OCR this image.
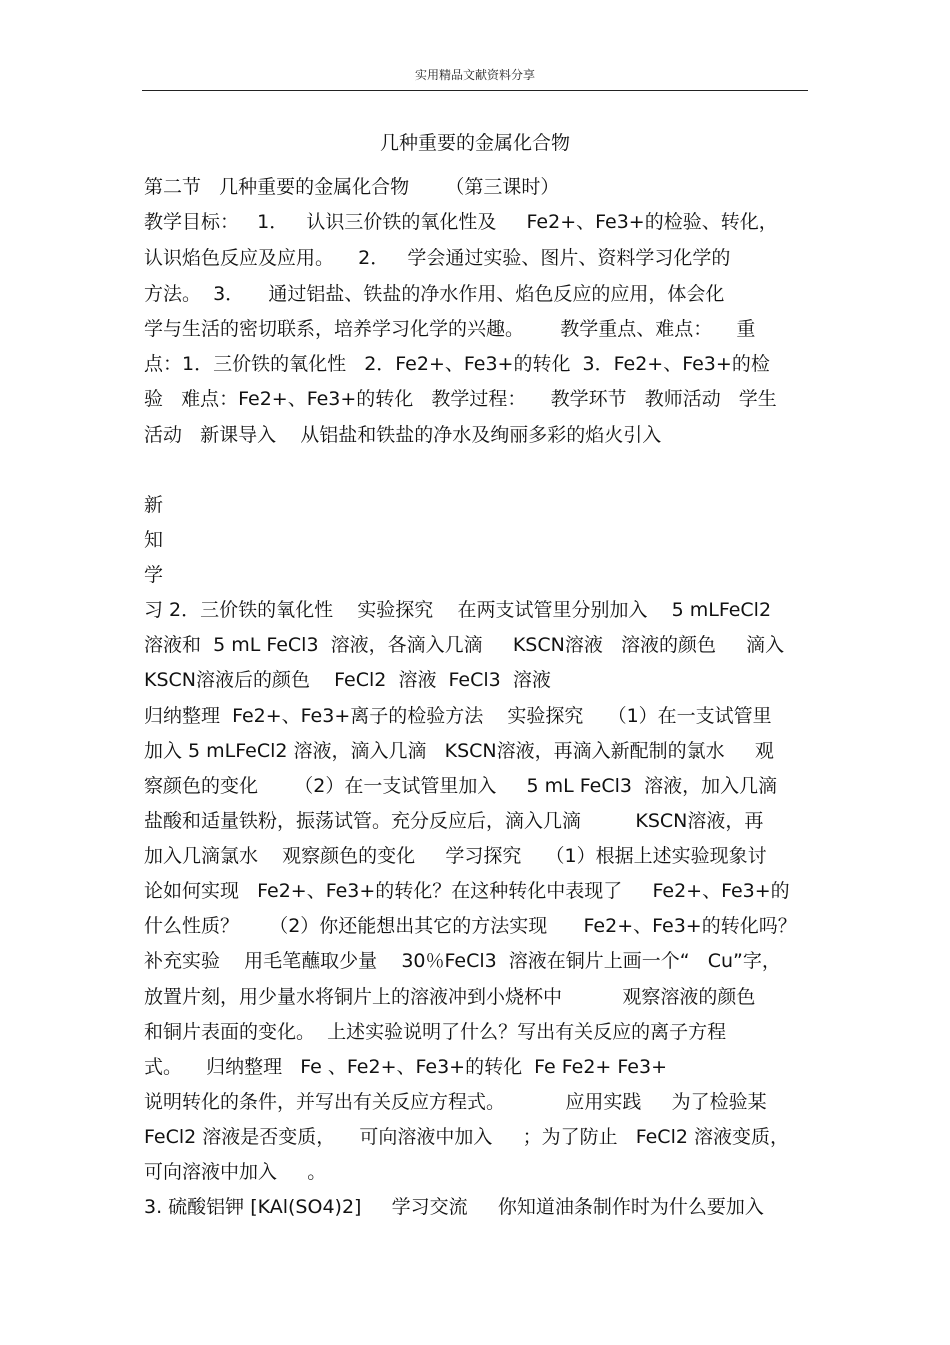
实用精品文献资料分享
几种重要的金属化合物
第二节   几种重要的金属化合物      （第三课时）
教学目标：   1．   认识三价铁的氧化性及     Fe2+、Fe3+的检验、转化，
认识焰色反应及应用。    2．   学会通过实验、图片、资料学习化学的
方法。  3．    通过铝盐、铁盐的净水作用、焰色反应的应用，体会化
学与生活的密切联系，培养学习化学的兴趣。      教学重点、难点：    重
点：1．三价铁的氧化性   2．Fe2+、Fe3+的转化  3．Fe2+、Fe3+的检
验   难点：Fe2+、Fe3+的转化   教学过程：    教学环节   教师活动   学生
活动   新课导入    从铝盐和铁盐的净水及绚丽多彩的焰火引入
新
知
学
习 2．三价铁的氧化性    实验探究    在两支试管里分别加入    5 mLFeCl2
溶液和  5 mL FeCl3  溶液，各滴入几滴     KSCN溶液   溶液的颜色     滴入
KSCN溶液后的颜色    FeCl2  溶液  FeCl3  溶液
归纳整理  Fe2+、Fe3+离子的检验方法    实验探究    （1）在一支试管里
加入 5 mLFeCl2 溶液，滴入几滴   KSCN溶液，再滴入新配制的氯水     观
察颜色的变化      （2）在一支试管里加入     5 mL FeCl3  溶液，加入几滴
盐酸和适量铁粉，振荡试管。充分反应后，滴入几滴         KSCN溶液，再
加入几滴氯水    观察颜色的变化     学习探究    （1）根据上述实验现象讨
论如何实现   Fe2+、Fe3+的转化？在这种转化中表现了     Fe2+、Fe3+的
什么性质？     （2）你还能想出其它的方法实现      Fe2+、Fe3+的转化吗？
补充实验    用毛笔蘸取少量    30％FeCl3  溶液在铜片上画一个“   Cu”字，
放置片刻，用少量水将铜片上的溶液冲到小烧杯中          观察溶液的颜色
和铜片表面的变化。  上述实验说明了什么？写出有关反应的离子方程
式。    归纳整理   Fe 、Fe2+、Fe3+的转化  Fe Fe2+ Fe3+
说明转化的条件，并写出有关反应方程式。          应用实践     为了检验某
FeCl2 溶液是否变质，    可向溶液中加入     ；为了防止   FeCl2 溶液变质，
可向溶液中加入     。
3. 硫酸铝钾 [KAl(SO4)2]     学习交流     你知道油条制作时为什么要加入
